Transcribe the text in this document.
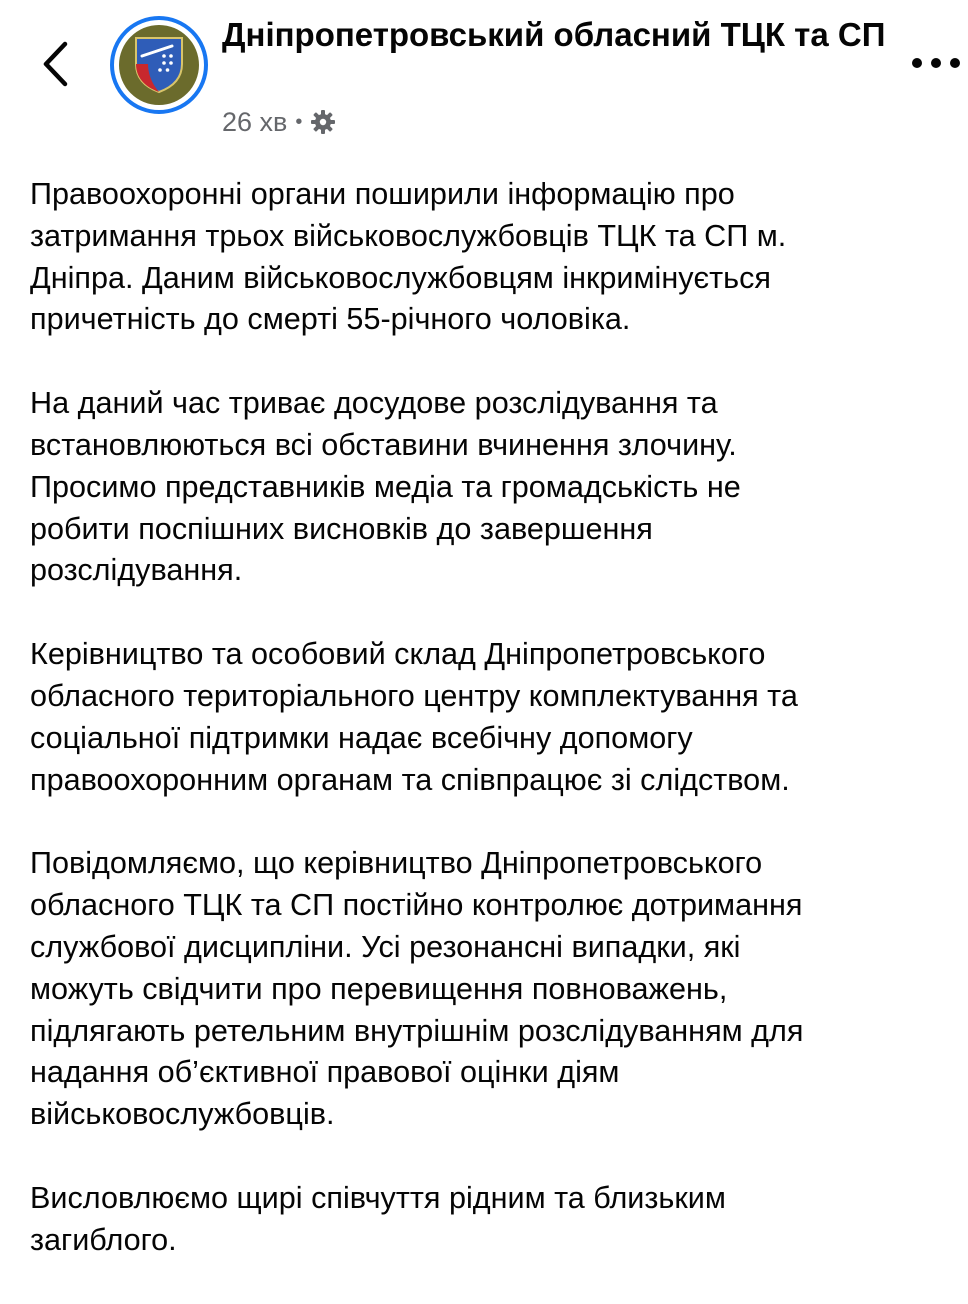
Дніпропетровський обласний ТЦК та СП
26 хв •

Правоохоронні органи поширили інформацію про
затримання трьох військовослужбовців ТЦК та СП м.
Дніпра. Даним військовослужбовцям інкримінується
причетність до смерті 55-річного чоловіка.

На даний час триває досудове розслідування та
встановлюються всі обставини вчинення злочину.
Просимо представників медіа та громадськість не
робити поспішних висновків до завершення
розслідування.

Керівництво та особовий склад Дніпропетровського
обласного територіального центру комплектування та
соціальної підтримки надає всебічну допомогу
правоохоронним органам та співпрацює зі слідством.

Повідомляємо, що керівництво Дніпропетровського
обласного ТЦК та СП постійно контролює дотримання
службової дисципліни. Усі резонансні випадки, які
можуть свідчити про перевищення повноважень,
підлягають ретельним внутрішнім розслідуванням для
надання об’єктивної правової оцінки діям
військовослужбовців.

Висловлюємо щирі співчуття рідним та близьким
загиблого.
